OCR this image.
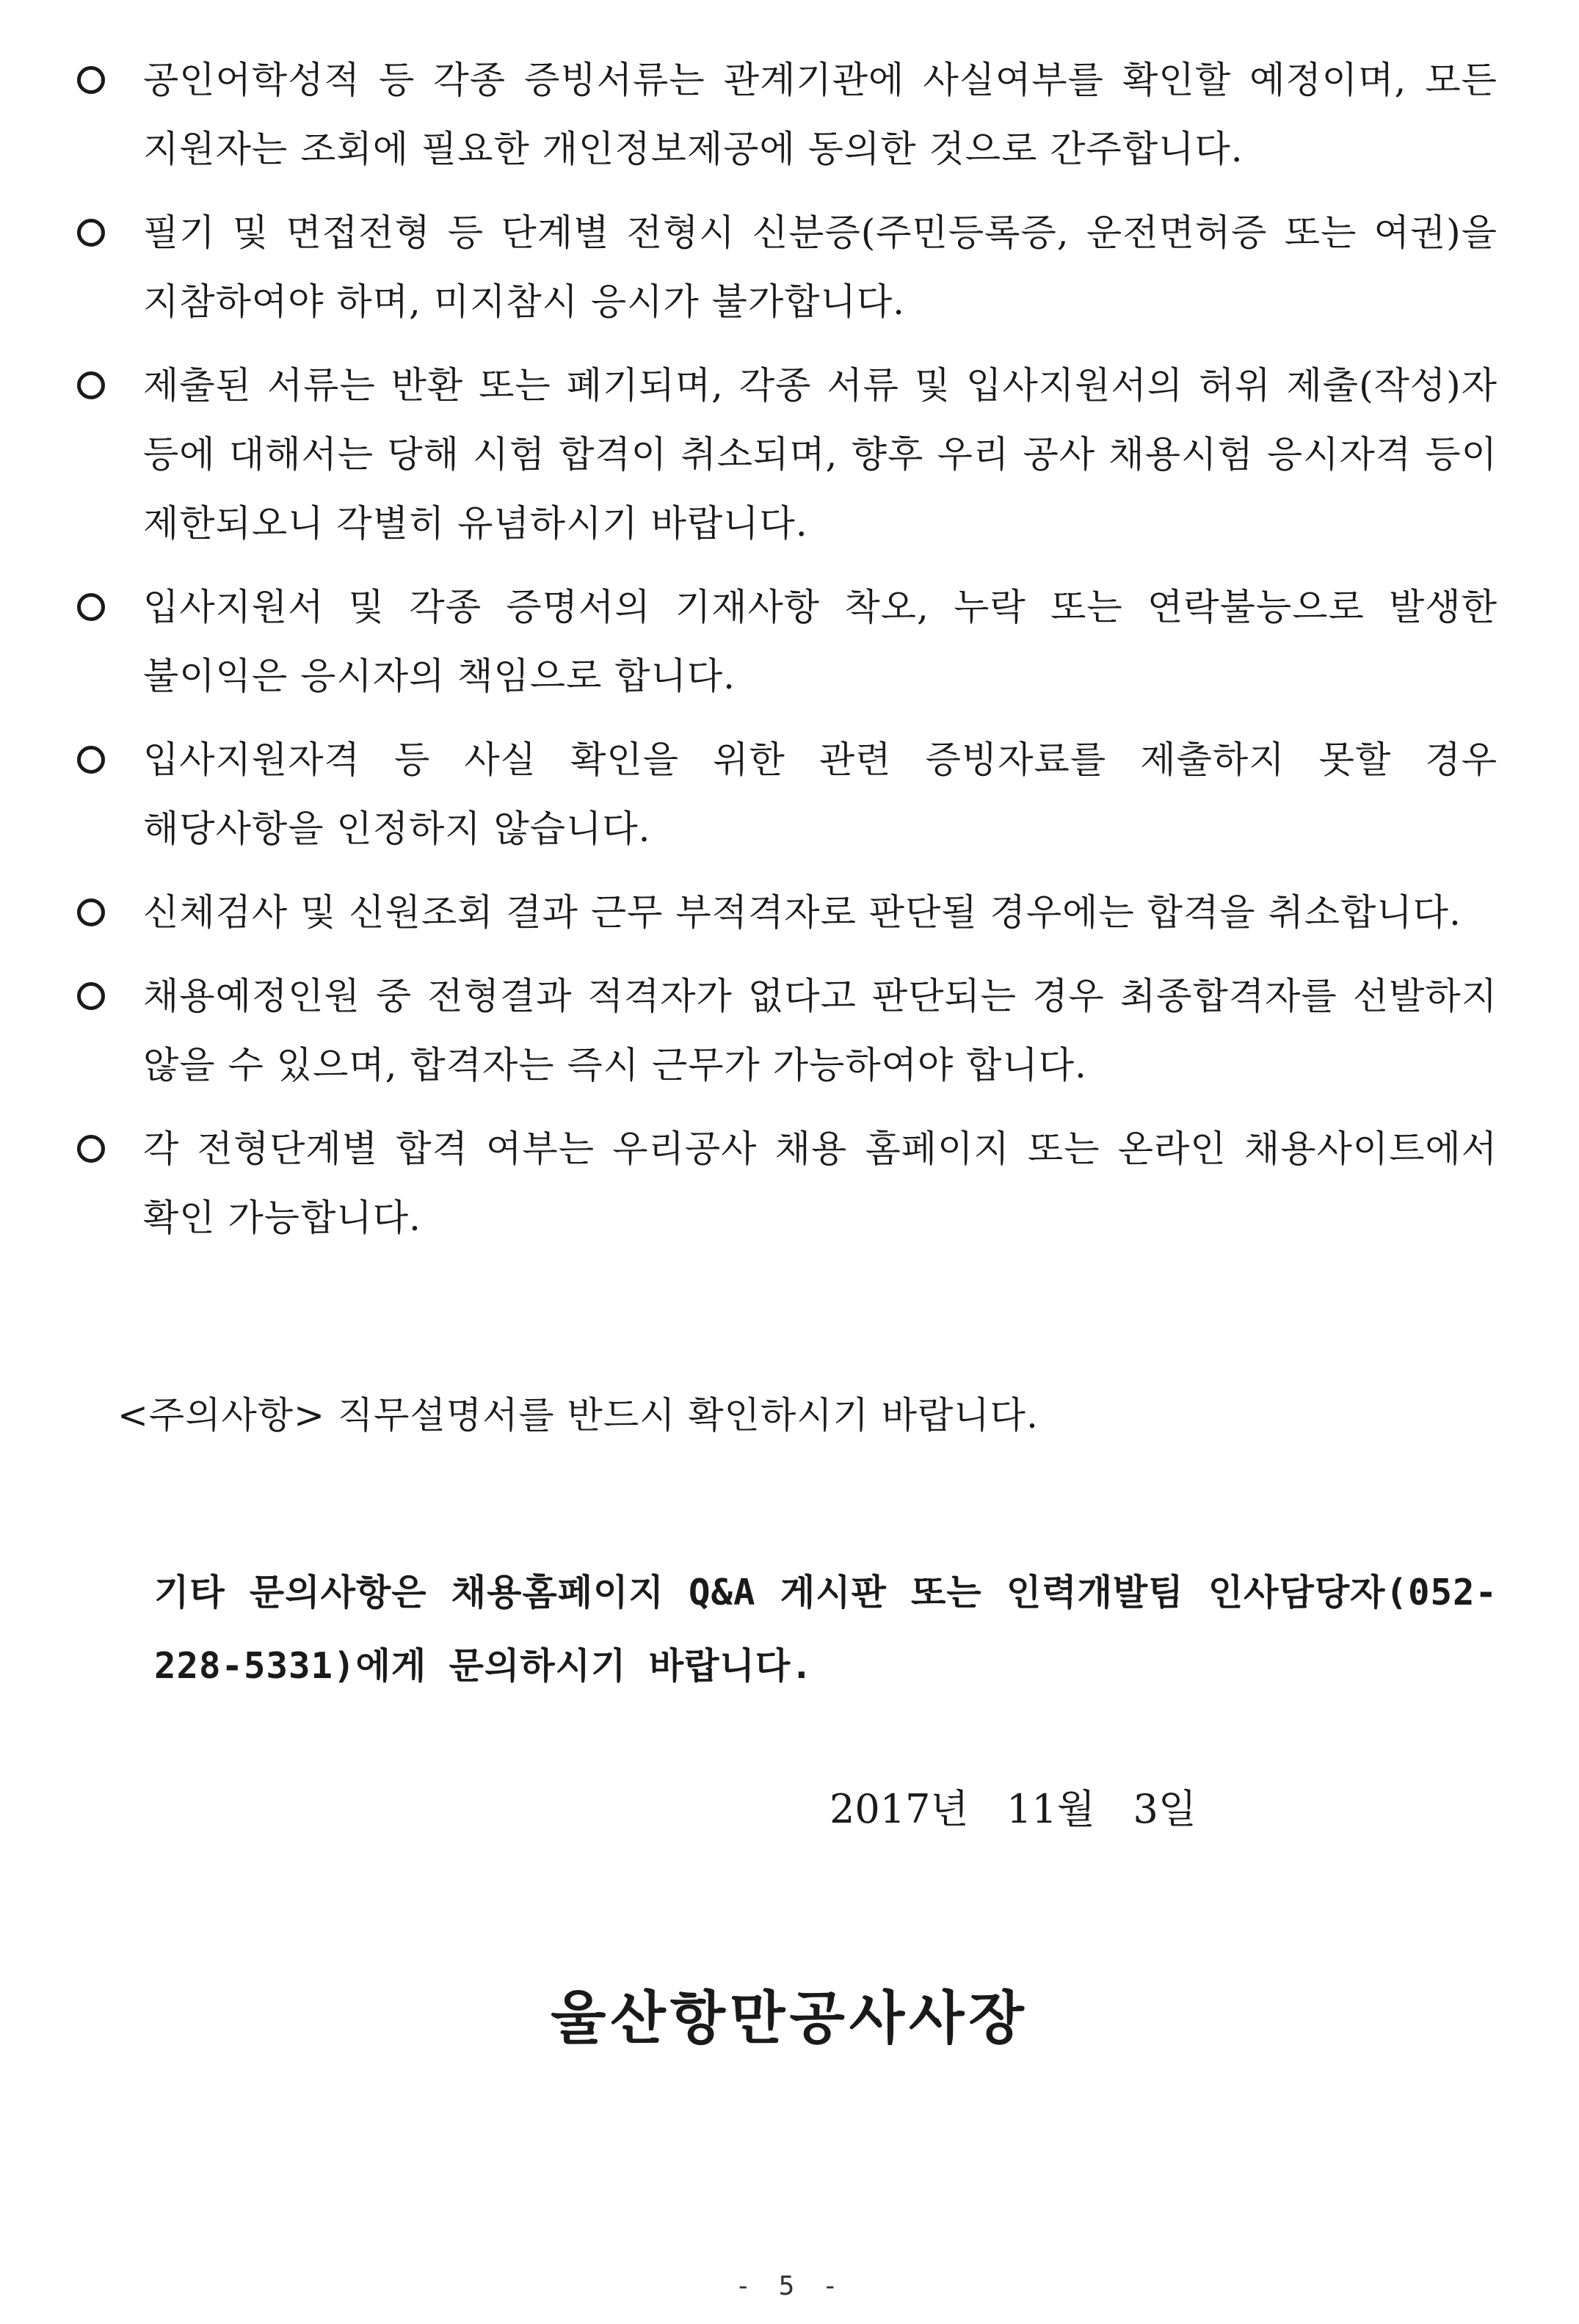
공인어학성적 등 각종 증빙서류는 관계기관에 사실여부를 확인할 예정이며, 모든 지원자는 조회에 필요한 개인정보제공에 동의한 것으로 간주합니다.
필기 및 면접전형 등 단계별 전형시 신분증(주민등록증, 운전면허증 또는 여권)을 지참하여야 하며, 미지참시 응시가 불가합니다.
제출된 서류는 반환 또는 폐기되며, 각종 서류 및 입사지원서의 허위 제출(작성)자 등에 대해서는 당해 시험 합격이 취소되며, 향후 우리 공사 채용시험 응시자격 등이 제한되오니 각별히 유념하시기 바랍니다.
입사지원서 및 각종 증명서의 기재사항 착오, 누락 또는 연락불능으로 발생한 불이익은 응시자의 책임으로 합니다.
입사지원자격 등 사실 확인을 위한 관련 증빙자료를 제출하지 못할 경우 해당사항을 인정하지 않습니다.
신체검사 및 신원조회 결과 근무 부적격자로 판단될 경우에는 합격을 취소합니다.
채용예정인원 중 전형결과 적격자가 없다고 판단되는 경우 최종합격자를 선발하지 않을 수 있으며, 합격자는 즉시 근무가 가능하여야 합니다.
각 전형단계별 합격 여부는 우리공사 채용 홈페이지 또는 온라인 채용사이트에서 확인 가능합니다.
<주의사항> 직무설명서를 반드시 확인하시기 바랍니다.
기타 문의사항은 채용홈페이지 Q&A 게시판 또는 인력개발팀 인사담당자(052-228-5331)에게 문의하시기 바랍니다.
2017년   11월   3일
울산항만공사사장
- 5 -
